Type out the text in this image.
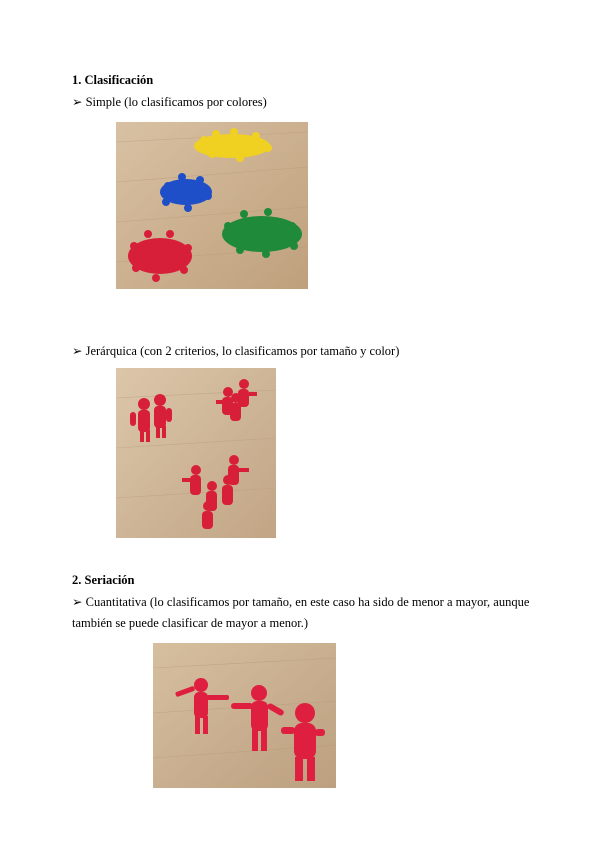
1. Clasificación
➢ Simple (lo clasificamos por colores)
➢ Jerárquica (con 2 criterios, lo clasificamos por tamaño y color)
2. Seriación
➢ Cuantitativa (lo clasificamos por tamaño, en este caso ha sido de menor a mayor, aunque
también se puede clasificar de mayor a menor.)
